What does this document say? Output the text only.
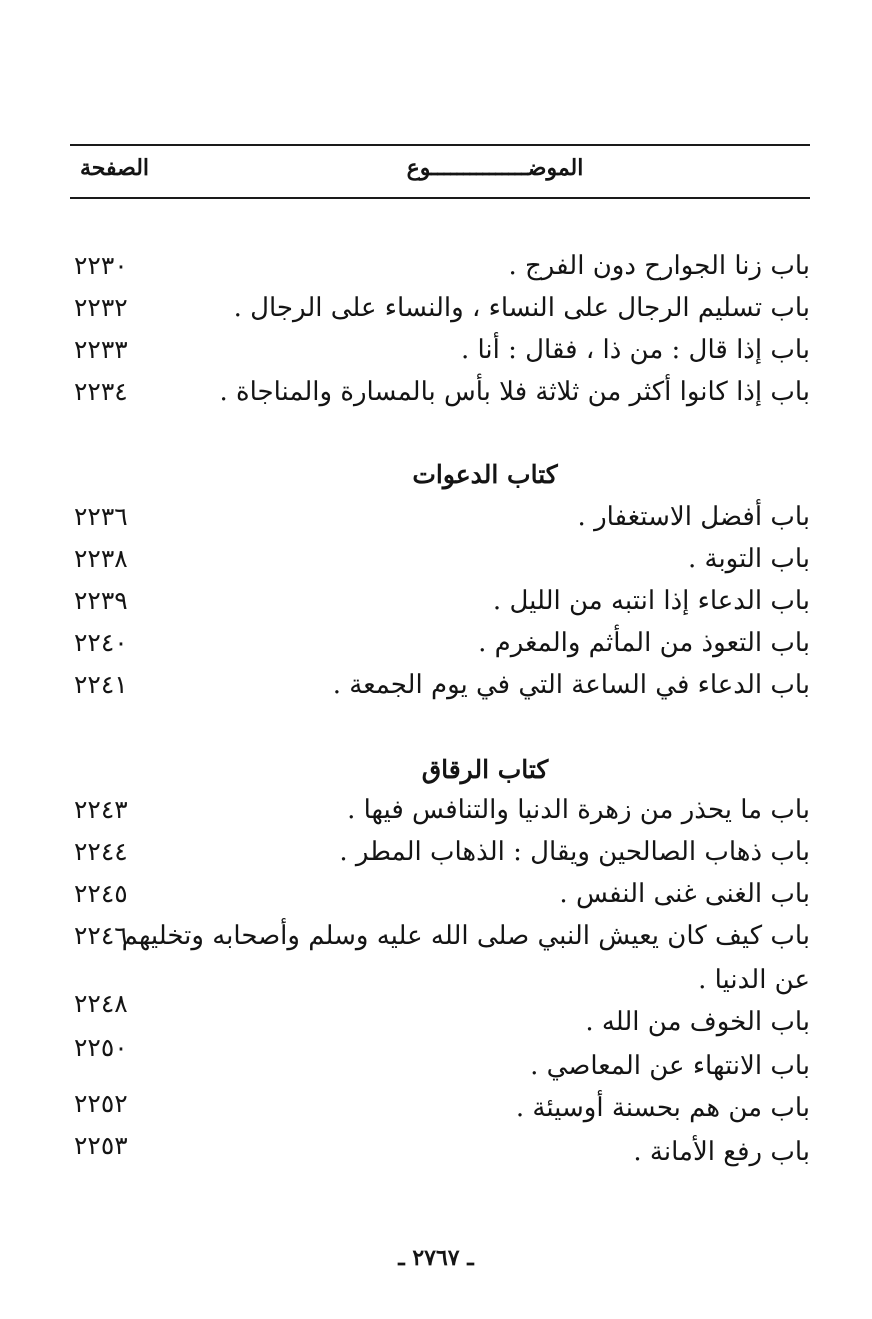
الموضـــــــــــــــوع
الصفحة
باب زنا الجوارح دون الفرج .
٢٢٣٠
باب تسليم الرجال على النساء ، والنساء على الرجال .
٢٢٣٢
باب إذا قال : من ذا ، فقال : أنا .
٢٢٣٣
باب إذا كانوا أكثر من ثلاثة فلا بأس بالمسارة والمناجاة .
٢٢٣٤
كتاب الدعوات
باب أفضل الاستغفار .
٢٢٣٦
باب التوبة .
٢٢٣٨
باب الدعاء إذا انتبه من الليل .
٢٢٣٩
باب التعوذ من المأثم والمغرم .
٢٢٤٠
باب الدعاء في الساعة التي في يوم الجمعة .
٢٢٤١
كتاب الرقاق
باب ما يحذر من زهرة الدنيا والتنافس فيها .
٢٢٤٣
باب ذهاب الصالحين ويقال : الذهاب المطر .
٢٢٤٤
باب الغنى غنى النفس .
٢٢٤٥
باب كيف كان يعيش النبي صلى الله عليه وسلم وأصحابه وتخليهم
٢٢٤٦
عن الدنيا .
باب الخوف من الله .
٢٢٤٨
باب الانتهاء عن المعاصي .
٢٢٥٠
باب من هم بحسنة أوسيئة .
٢٢٥٢
باب رفع الأمانة .
٢٢٥٣
ـ ٢٧٦٧ ـ
